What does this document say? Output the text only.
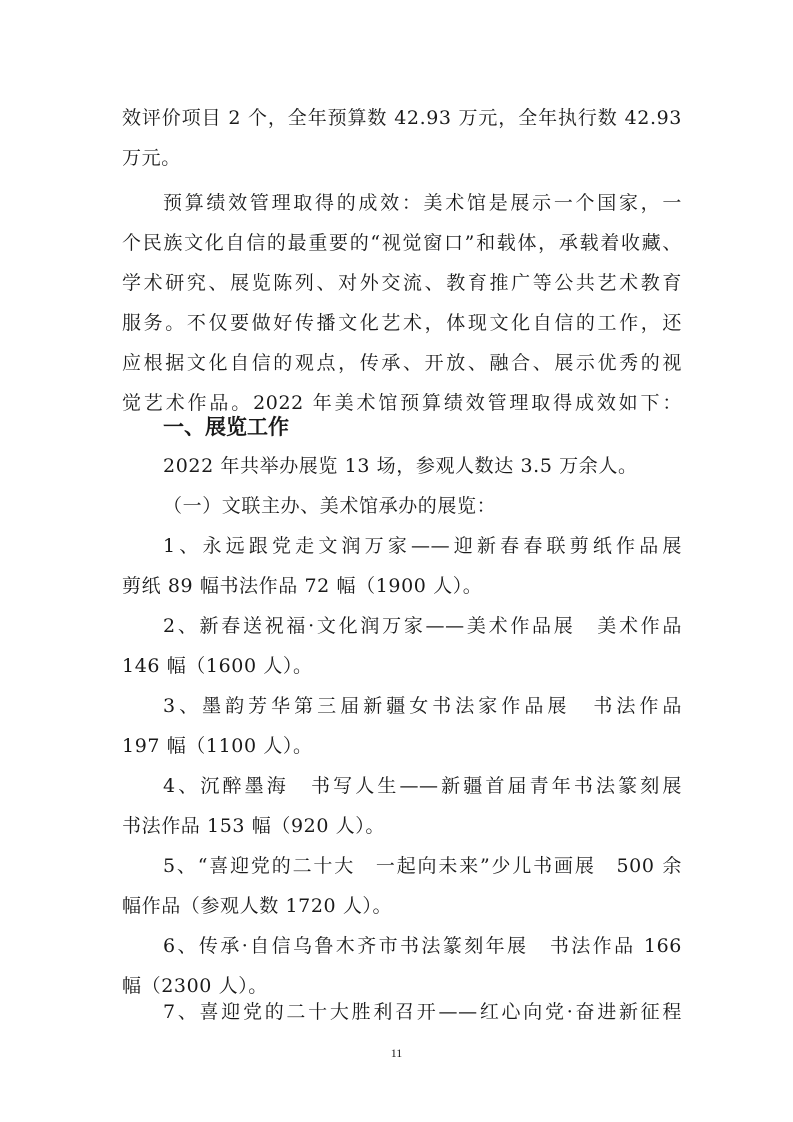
效评价项目 2 个，全年预算数 42.93 万元，全年执行数 42.93
万元。
预算绩效管理取得的成效：美术馆是展示一个国家，一
个民族文化自信的最重要的“视觉窗口”和载体，承载着收藏、
学术研究、展览陈列、对外交流、教育推广等公共艺术教育
服务。不仅要做好传播文化艺术，体现文化自信的工作，还
应根据文化自信的观点，传承、开放、融合、展示优秀的视
觉艺术作品。2022 年美术馆预算绩效管理取得成效如下：
一、展览工作
2022 年共举办展览 13 场，参观人数达 3.5 万余人。
（一）文联主办、美术馆承办的展览：
1、永远跟党走文润万家——迎新春春联剪纸作品展
剪纸 89 幅书法作品 72 幅（1900 人）。
2、新春送祝福·文化润万家——美术作品展　美术作品
146 幅（1600 人）。
3、墨韵芳华第三届新疆女书法家作品展　书法作品
197 幅（1100 人）。
4、沉醉墨海　书写人生——新疆首届青年书法篆刻展
书法作品 153 幅（920 人）。
5、“喜迎党的二十大　一起向未来”少儿书画展　500 余
幅作品（参观人数 1720 人）。
6、传承·自信乌鲁木齐市书法篆刻年展　书法作品 166
幅（2300 人）。
7、喜迎党的二十大胜利召开——红心向党·奋进新征程
11
